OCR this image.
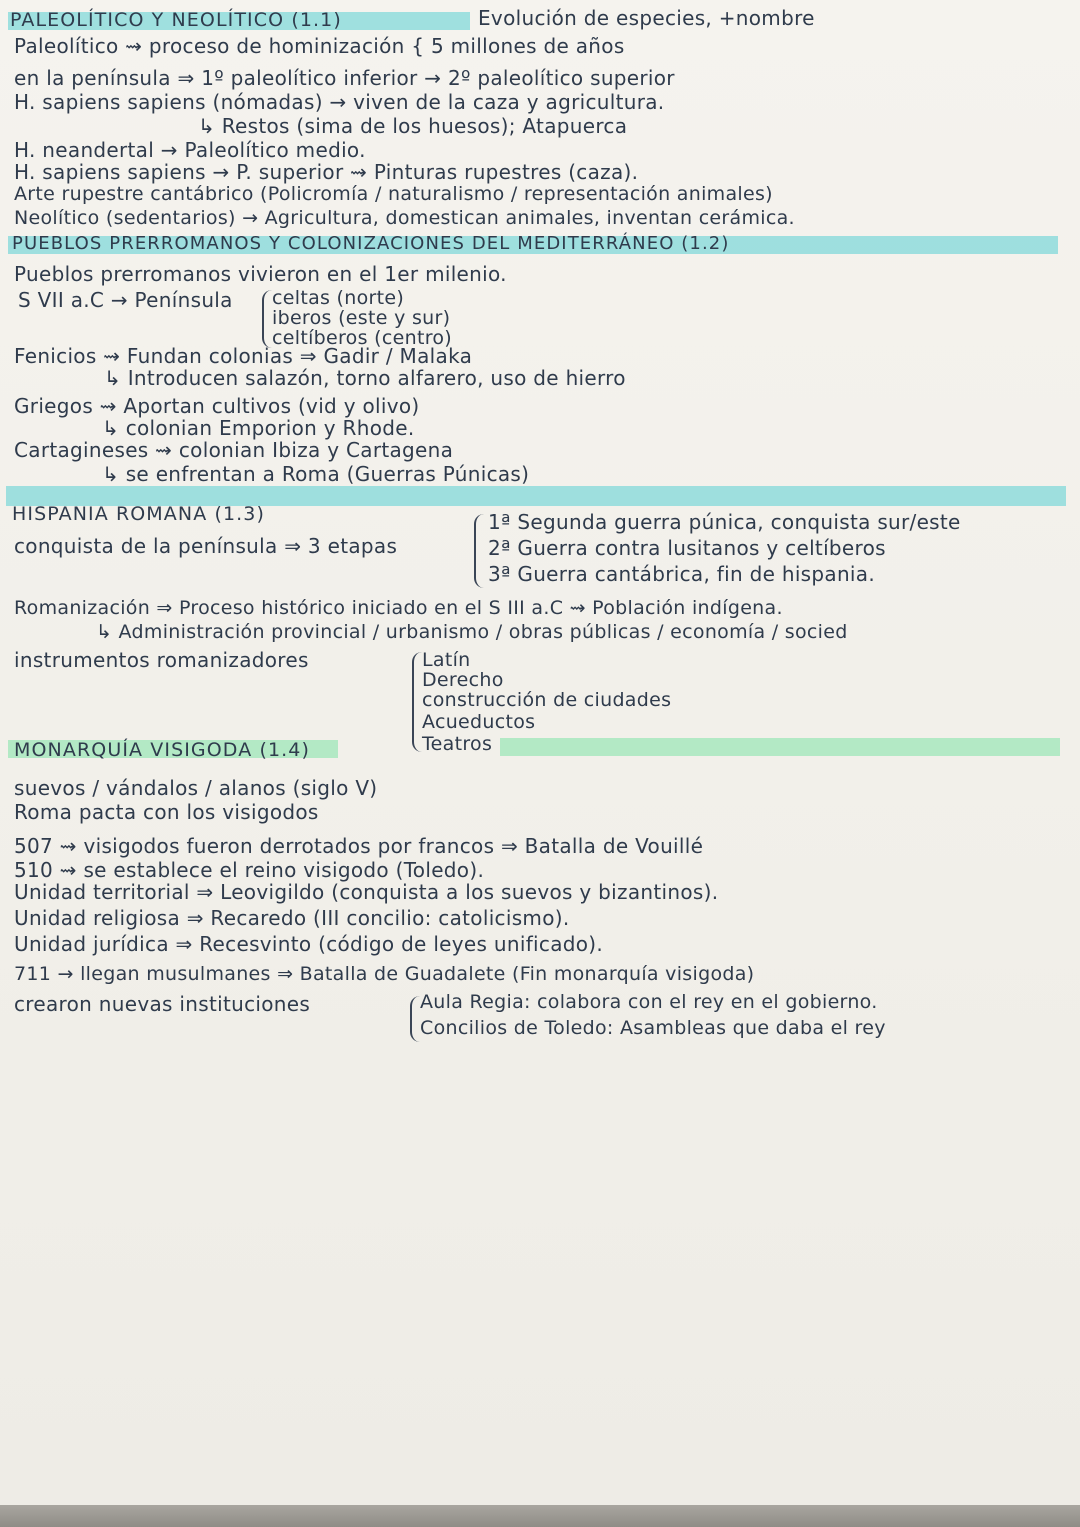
PALEOLÍTICO Y NEOLÍTICO (1.1)	Evolución de especies, +nombre
Paleolítico ⇝ proceso de hominización { 5 millones de años
en la península ⇒ 1º paleolítico inferior → 2º paleolítico superior
H. sapiens sapiens (nómadas) → viven de la caza y agricultura.
↳ Restos (sima de los huesos); Atapuerca
H. neandertal → Paleolítico medio.
H. sapiens sapiens → P. superior ⇝ Pinturas rupestres (caza).
Arte rupestre cantábrico (Policromía / naturalismo / representación animales)
Neolítico (sedentarios) → Agricultura, domestican animales, inventan cerámica.
PUEBLOS PRERROMANOS Y COLONIZACIONES DEL MEDITERRÁNEO (1.2)
Pueblos prerromanos vivieron en el 1er milenio.
S VII a.C → Península celtas (norte)
iberos (este y sur)
celtíberos (centro)
Fenicios ⇝ Fundan colonias ⇒ Gadir / Malaka
↳ Introducen salazón, torno alfarero, uso de hierro
Griegos ⇝ Aportan cultivos (vid y olivo)
↳ colonian Emporion y Rhode.
Cartagineses ⇝ colonian Ibiza y Cartagena
↳ se enfrentan a Roma (Guerras Púnicas)
HISPANIA ROMANA (1.3)
conquista de la península ⇒ 3 etapas
1ª Segunda guerra púnica, conquista sur/este
2ª Guerra contra lusitanos y celtíberos
3ª Guerra cantábrica, fin de hispania.
Romanización ⇒ Proceso histórico iniciado en el S III a.C ⇝ Población indígena.
↳ Administración provincial / urbanismo / obras públicas / economía / socied
instrumentos romanizadores	Latín
Derecho
construcción de ciudades
Acueductos
Teatros
MONARQUÍA VISIGODA (1.4)
suevos / vándalos / alanos (siglo V)
Roma pacta con los visigodos
507 ⇝ visigodos fueron derrotados por francos ⇒ Batalla de Vouillé
510 ⇝ se establece el reino visigodo (Toledo).
Unidad territorial ⇒ Leovigildo (conquista a los suevos y bizantinos).
Unidad religiosa ⇒ Recaredo (III concilio: catolicismo).
Unidad jurídica ⇒ Recesvinto (código de leyes unificado).
711 → llegan musulmanes ⇒ Batalla de Guadalete (Fin monarquía visigoda)
crearon nuevas instituciones	Aula Regia: colabora con el rey en el gobierno.
Concilios de Toledo: Asambleas que daba el rey
